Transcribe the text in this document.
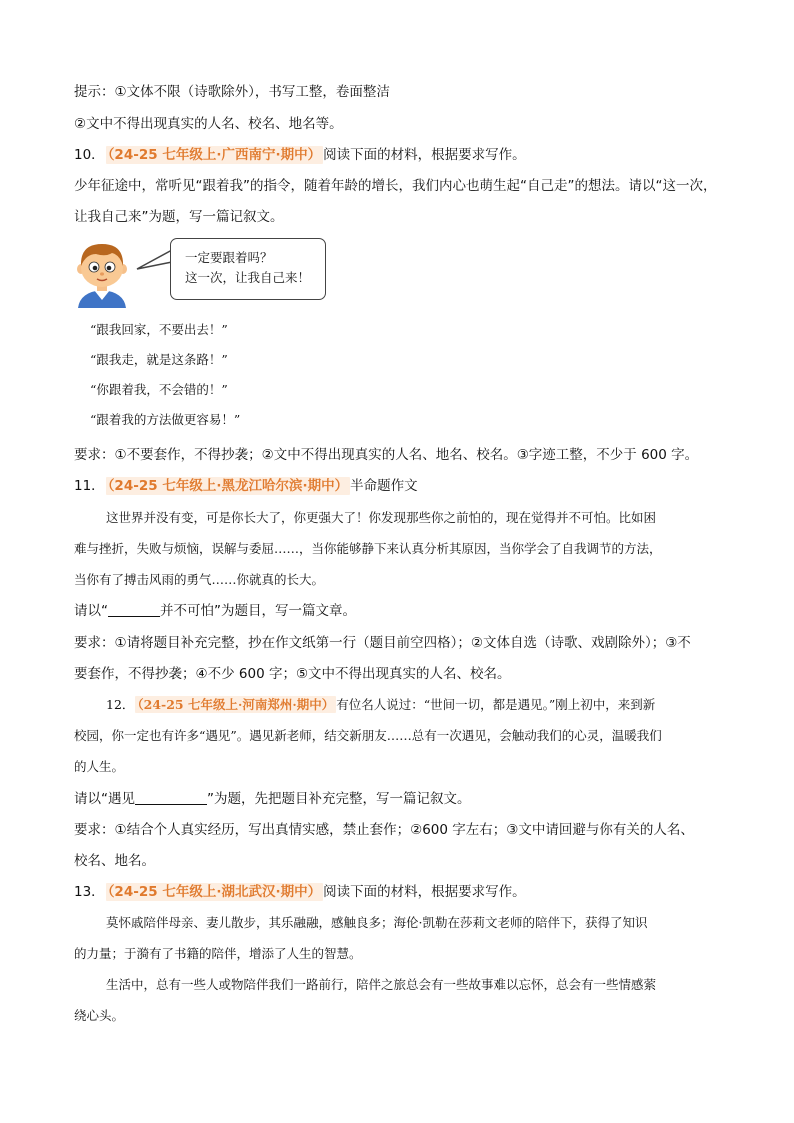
提示：①文体不限（诗歌除外），书写工整，卷面整洁
②文中不得出现真实的人名、校名、地名等。
10． （24-25 七年级上·广西南宁·期中） 阅读下面的材料，根据要求写作。
少年征途中，常听见“跟着我”的指令，随着年龄的增长，我们内心也萌生起“自己走”的想法。请以“这一次，
让我自己来”为题，写一篇记叙文。
一定要跟着吗？
这一次，让我自己来！
“跟我回家，不要出去！”
“跟我走，就是这条路！”
“你跟着我，不会错的！”
“跟着我的方法做更容易！”
要求：①不要套作，不得抄袭；②文中不得出现真实的人名、地名、校名。③字迹工整，不少于 600 字。
11． （24-25 七年级上·黑龙江哈尔滨·期中） 半命题作文
这世界并没有变，可是你长大了，你更强大了！你发现那些你之前怕的，现在觉得并不可怕。比如困
难与挫折，失败与烦恼，误解与委屈……，当你能够静下来认真分析其原因，当你学会了自我调节的方法，
当你有了搏击风雨的勇气……你就真的长大。
请以“	并不可怕”为题目，写一篇文章。
要求：①请将题目补充完整，抄在作文纸第一行（题目前空四格）；②文体自选（诗歌、戏剧除外）；③不
要套作，不得抄袭；④不少 600 字；⑤文中不得出现真实的人名、校名。
12． （24-25 七年级上·河南郑州·期中） 有位名人说过：“世间一切，都是遇见。”刚上初中，来到新
校园，你一定也有许多“遇见”。遇见新老师，结交新朋友……总有一次遇见，会触动我们的心灵，温暖我们
的人生。
请以“遇见	”为题，先把题目补充完整，写一篇记叙文。
要求：①结合个人真实经历，写出真情实感，禁止套作；②600 字左右；③文中请回避与你有关的人名、
校名、地名。
13． （24-25 七年级上·湖北武汉·期中） 阅读下面的材料，根据要求写作。
莫怀戚陪伴母亲、妻儿散步，其乐融融，感触良多；海伦·凯勒在莎莉文老师的陪伴下，获得了知识
的力量；于漪有了书籍的陪伴，增添了人生的智慧。
生活中，总有一些人或物陪伴我们一路前行，陪伴之旅总会有一些故事难以忘怀，总会有一些情感萦
绕心头。
